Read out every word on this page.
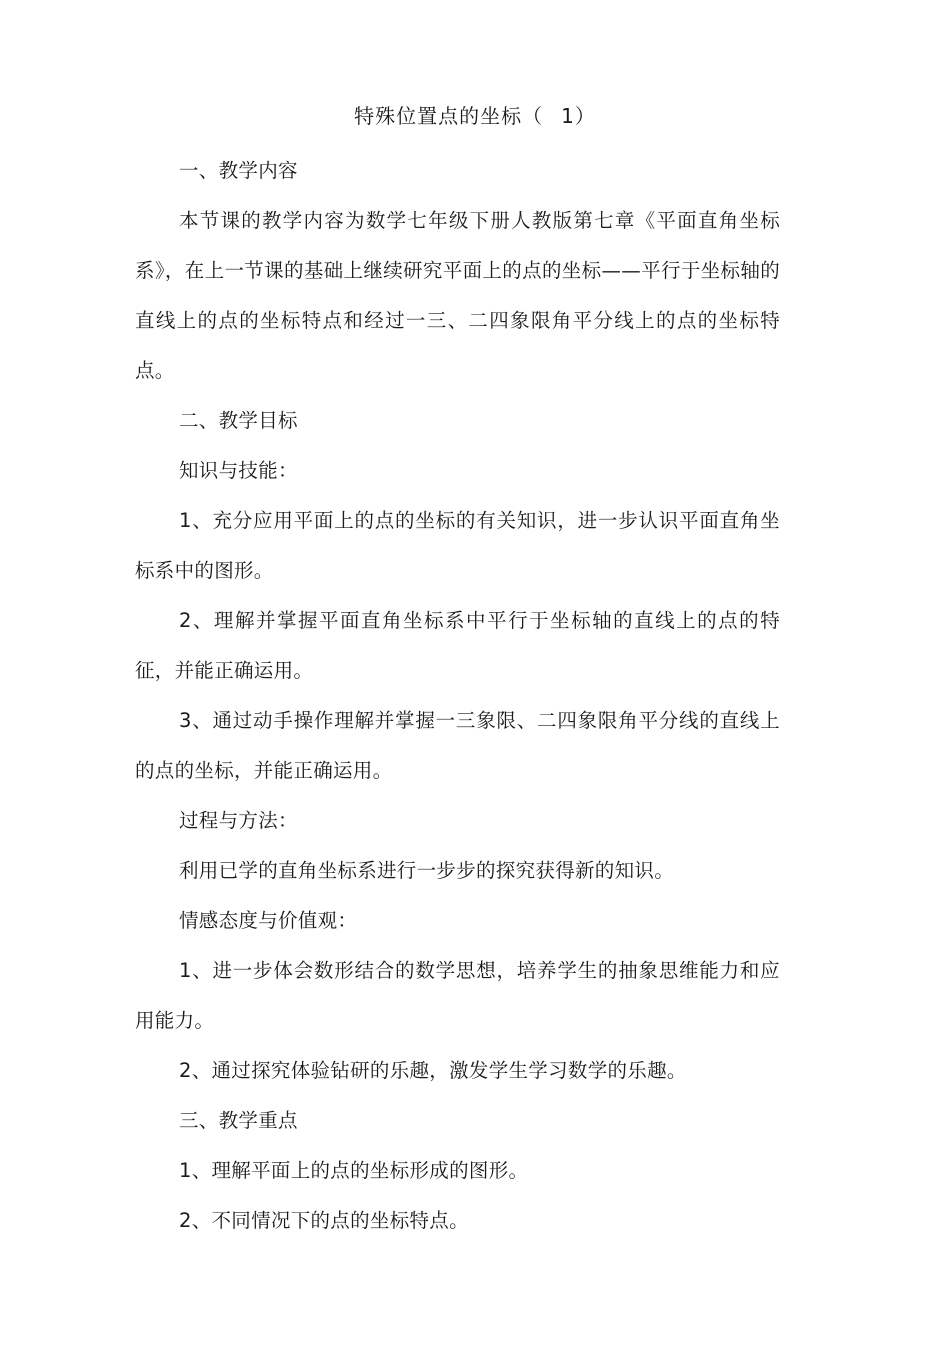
特殊位置点的坐标（ 1）

一、教学内容

本节课的教学内容为数学七年级下册人教版第七章《平面直角坐标系》，在上一节课的基础上继续研究平面上的点的坐标——平行于坐标轴的直线上的点的坐标特点和经过一三、二四象限角平分线上的点的坐标特点。

二、教学目标

知识与技能：

1、充分应用平面上的点的坐标的有关知识，进一步认识平面直角坐标系中的图形。

2、理解并掌握平面直角坐标系中平行于坐标轴的直线上的点的特征，并能正确运用。

3、通过动手操作理解并掌握一三象限、二四象限角平分线的直线上的点的坐标，并能正确运用。

过程与方法：

利用已学的直角坐标系进行一步步的探究获得新的知识。

情感态度与价值观：

1、进一步体会数形结合的数学思想，培养学生的抽象思维能力和应用能力。

2、通过探究体验钻研的乐趣，激发学生学习数学的乐趣。

三、教学重点

1、理解平面上的点的坐标形成的图形。

2、不同情况下的点的坐标特点。
